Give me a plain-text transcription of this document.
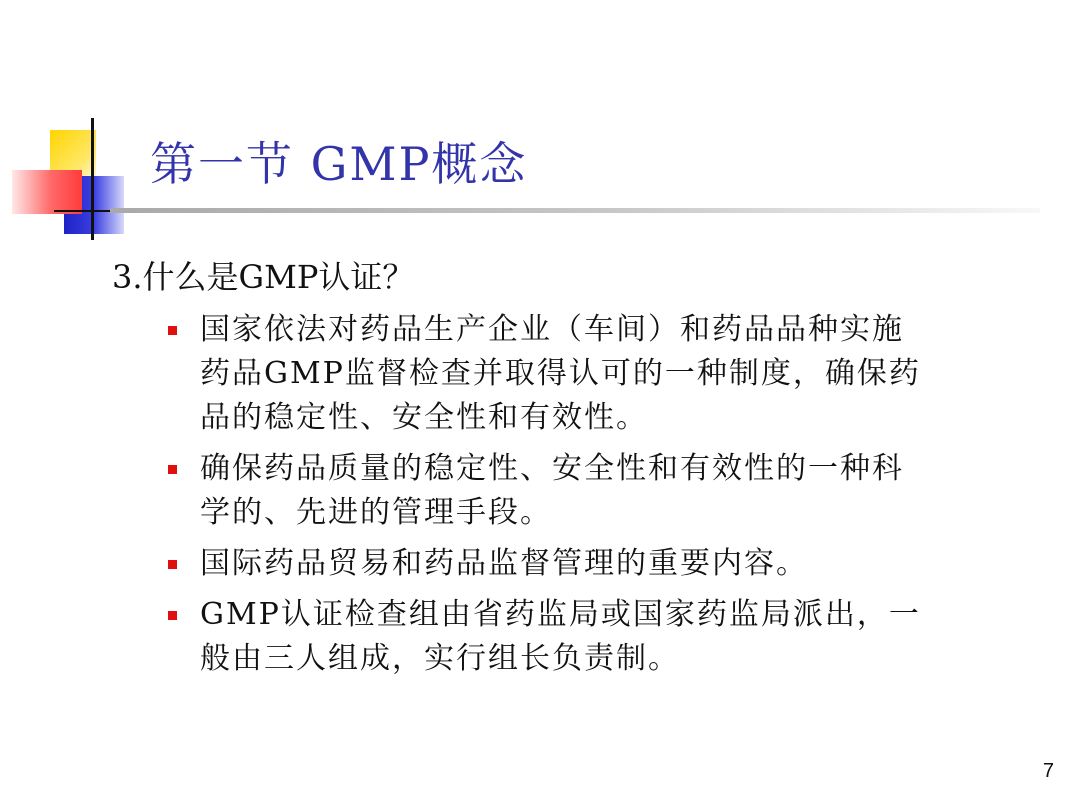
第一节 GMP概念
3.什么是GMP认证？
国家依法对药品生产企业（车间）和药品品种实施
药品GMP监督检查并取得认可的一种制度，确保药
品的稳定性、安全性和有效性。
确保药品质量的稳定性、安全性和有效性的一种科
学的、先进的管理手段。
国际药品贸易和药品监督管理的重要内容。
GMP认证检查组由省药监局或国家药监局派出，一
般由三人组成，实行组长负责制。
7
